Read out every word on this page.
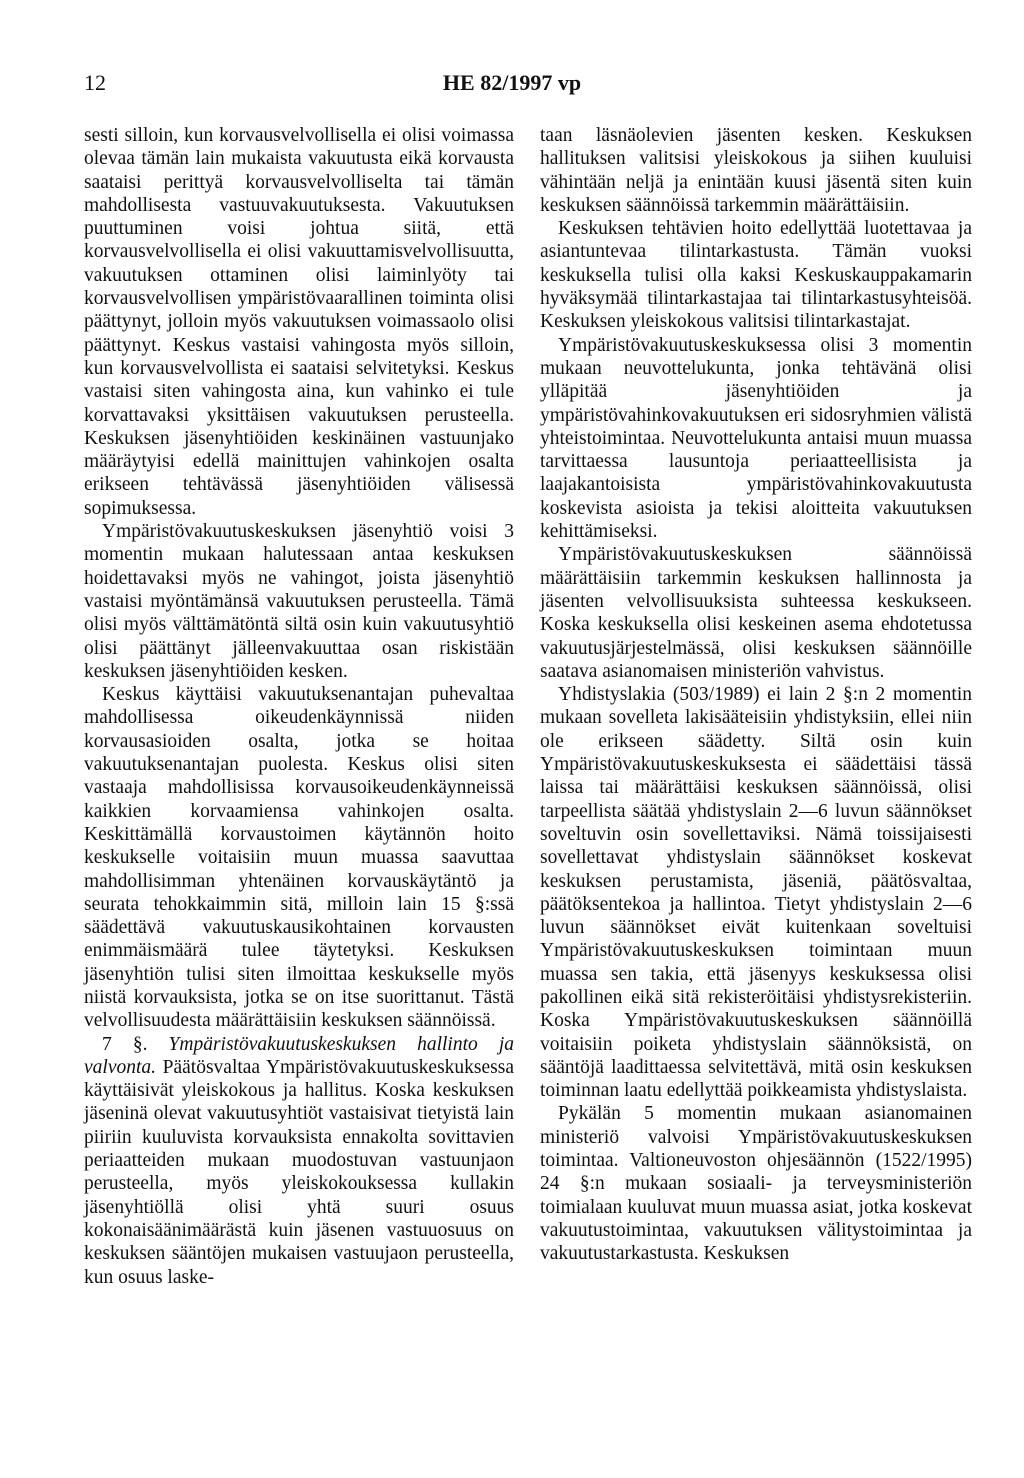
12	HE 82/1997 vp

sesti silloin, kun korvausvelvollisella ei olisi voimassa olevaa tämän lain mukaista vakuutusta eikä korvausta saataisi perittyä korvausvelvolliselta tai tämän mahdollisesta vastuuvakuutuksesta. Vakuutuksen puuttuminen voisi johtua siitä, että korvausvelvollisella ei olisi vakuuttamisvelvollisuutta, vakuutuksen ottaminen olisi laiminlyöty tai korvausvelvollisen ympäristövaarallinen toiminta olisi päättynyt, jolloin myös vakuutuksen voimassaolo olisi päättynyt. Keskus vastaisi vahingosta myös silloin, kun korvausvelvollista ei saataisi selvitetyksi. Keskus vastaisi siten vahingosta aina, kun vahinko ei tule korvattavaksi yksittäisen vakuutuksen perusteella. Keskuksen jäsenyhtiöiden keskinäinen vastuunjako määräytyisi edellä mainittujen vahinkojen osalta erikseen tehtävässä jäsenyhtiöiden välisessä sopimuksessa.

Ympäristövakuutuskeskuksen jäsenyhtiö voisi 3 momentin mukaan halutessaan antaa keskuksen hoidettavaksi myös ne vahingot, joista jäsenyhtiö vastaisi myöntämänsä vakuutuksen perusteella. Tämä olisi myös välttämätöntä siltä osin kuin vakuutusyhtiö olisi päättänyt jälleenvakuuttaa osan riskistään keskuksen jäsenyhtiöiden kesken.

Keskus käyttäisi vakuutuksenantajan puhevaltaa mahdollisessa oikeudenkäynnissä niiden korvausasioiden osalta, jotka se hoitaa vakuutuksenantajan puolesta. Keskus olisi siten vastaaja mahdollisissa korvausoikeudenkäynneissä kaikkien korvaamiensa vahinkojen osalta. Keskittämällä korvaustoimen käytännön hoito keskukselle voitaisiin muun muassa saavuttaa mahdollisimman yhtenäinen korvauskäytäntö ja seurata tehokkaimmin sitä, milloin lain 15 §:ssä säädettävä vakuutuskausikohtainen korvausten enimmäismäärä tulee täytetyksi. Keskuksen jäsenyhtiön tulisi siten ilmoittaa keskukselle myös niistä korvauksista, jotka se on itse suorittanut. Tästä velvollisuudesta määrättäisiin keskuksen säännöissä.

7 §. Ympäristövakuutuskeskuksen hallinto ja valvonta. Päätösvaltaa Ympäristövakuutuskeskuksessa käyttäisivät yleiskokous ja hallitus. Koska keskuksen jäseninä olevat vakuutusyhtiöt vastaisivat tietyistä lain piiriin kuuluvista korvauksista ennakolta sovittavien periaatteiden mukaan muodostuvan vastuunjaon perusteella, myös yleiskokouksessa kullakin jäsenyhtiöllä olisi yhtä suuri osuus kokonaisäänimäärästä kuin jäsenen vastuuosuus on keskuksen sääntöjen mukaisen vastuujaon perusteella, kun osuus laske-

taan läsnäolevien jäsenten kesken. Keskuksen hallituksen valitsisi yleiskokous ja siihen kuuluisi vähintään neljä ja enintään kuusi jäsentä siten kuin keskuksen säännöissä tarkemmin määrättäisiin.

Keskuksen tehtävien hoito edellyttää luotettavaa ja asiantuntevaa tilintarkastusta. Tämän vuoksi keskuksella tulisi olla kaksi Keskuskauppakamarin hyväksymää tilintarkastajaa tai tilintarkastusyhteisöä. Keskuksen yleiskokous valitsisi tilintarkastajat.

Ympäristövakuutuskeskuksessa olisi 3 momentin mukaan neuvottelukunta, jonka tehtävänä olisi ylläpitää jäsenyhtiöiden ja ympäristövahinkovakuutuksen eri sidosryhmien välistä yhteistoimintaa. Neuvottelukunta antaisi muun muassa tarvittaessa lausuntoja periaatteellisista ja laajakantoisista ympäristövahinkovakuutusta koskevista asioista ja tekisi aloitteita vakuutuksen kehittämiseksi.

Ympäristövakuutuskeskuksen säännöissä määrättäisiin tarkemmin keskuksen hallinnosta ja jäsenten velvollisuuksista suhteessa keskukseen. Koska keskuksella olisi keskeinen asema ehdotetussa vakuutusjärjestelmässä, olisi keskuksen säännöille saatava asianomaisen ministeriön vahvistus.

Yhdistyslakia (503/1989) ei lain 2 §:n 2 momentin mukaan sovelleta lakisääteisiin yhdistyksiin, ellei niin ole erikseen säädetty. Siltä osin kuin Ympäristövakuutuskeskuksesta ei säädettäisi tässä laissa tai määrättäisi keskuksen säännöissä, olisi tarpeellista säätää yhdistyslain 2—6 luvun säännökset soveltuvin osin sovellettaviksi. Nämä toissijaisesti sovellettavat yhdistyslain säännökset koskevat keskuksen perustamista, jäseniä, päätösvaltaa, päätöksentekoa ja hallintoa. Tietyt yhdistyslain 2—6 luvun säännökset eivät kuitenkaan soveltuisi Ympäristövakuutuskeskuksen toimintaan muun muassa sen takia, että jäsenyys keskuksessa olisi pakollinen eikä sitä rekisteröitäisi yhdistysrekisteriin. Koska Ympäristövakuutuskeskuksen säännöillä voitaisiin poiketa yhdistyslain säännöksistä, on sääntöjä laadittaessa selvitettävä, mitä osin keskuksen toiminnan laatu edellyttää poikkeamista yhdistyslaista.

Pykälän 5 momentin mukaan asianomainen ministeriö valvoisi Ympäristövakuutuskeskuksen toimintaa. Valtioneuvoston ohjesäännön (1522/1995) 24 §:n mukaan sosiaali- ja terveysministeriön toimialaan kuuluvat muun muassa asiat, jotka koskevat vakuutustoimintaa, vakuutuksen välitystoimintaa ja vakuutustarkastusta. Keskuksen
